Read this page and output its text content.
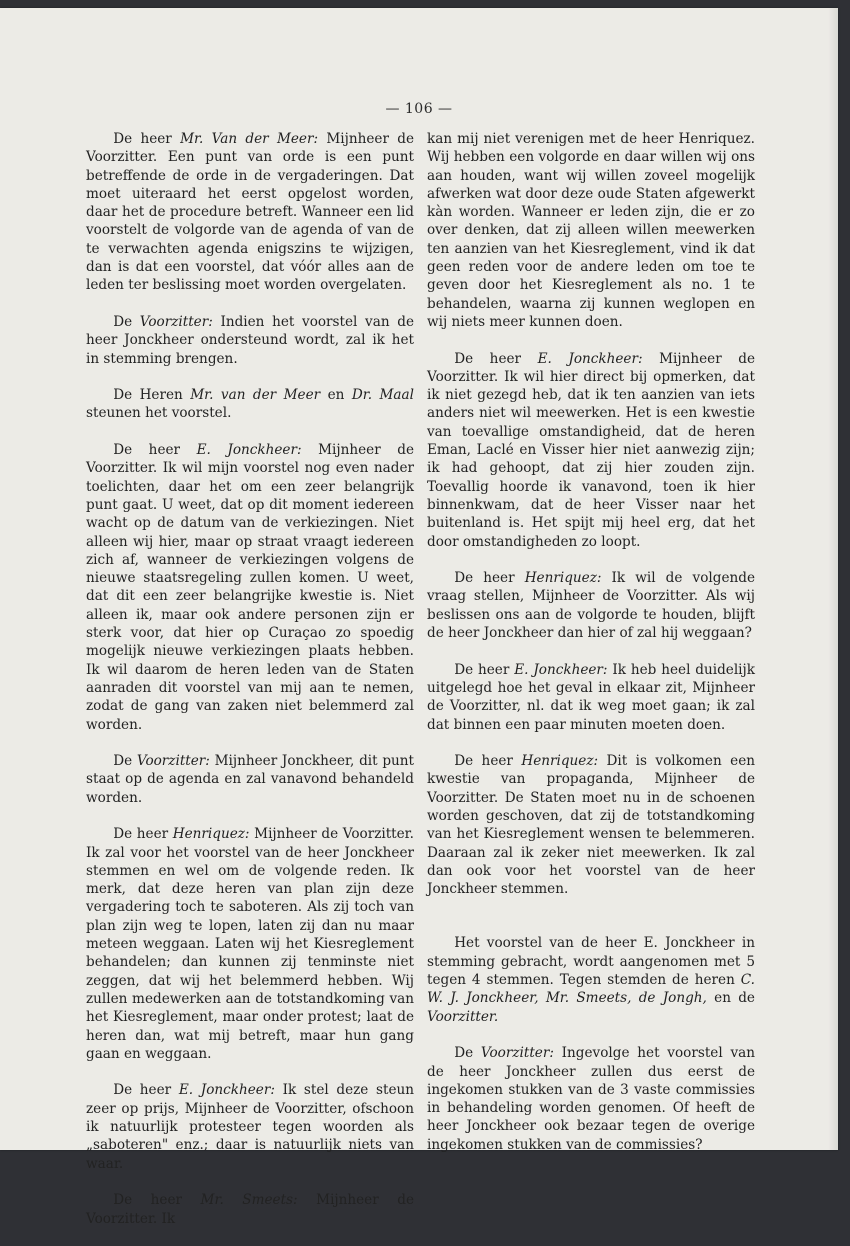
— 106 —

De heer Mr. Van der Meer: Mijnheer de Voorzitter. Een punt van orde is een punt betreffende de orde in de vergaderingen. Dat moet uiteraard het eerst opgelost worden, daar het de procedure betreft. Wanneer een lid voorstelt de volgorde van de agenda of van de te verwachten agenda enigszins te wijzigen, dan is dat een voorstel, dat vóór alles aan de leden ter beslissing moet worden overgelaten.

De Voorzitter: Indien het voorstel van de heer Jonckheer ondersteund wordt, zal ik het in stemming brengen.

De Heren Mr. van der Meer en Dr. Maal steunen het voorstel.

De heer E. Jonckheer: Mijnheer de Voorzitter. Ik wil mijn voorstel nog even nader toelichten, daar het om een zeer belangrijk punt gaat. U weet, dat op dit moment iedereen wacht op de datum van de verkiezingen. Niet alleen wij hier, maar op straat vraagt iedereen zich af, wanneer de verkiezingen volgens de nieuwe staatsregeling zullen komen. U weet, dat dit een zeer belangrijke kwestie is. Niet alleen ik, maar ook andere personen zijn er sterk voor, dat hier op Curaçao zo spoedig mogelijk nieuwe verkiezingen plaats hebben. Ik wil daarom de heren leden van de Staten aanraden dit voorstel van mij aan te nemen, zodat de gang van zaken niet belemmerd zal worden.

De Voorzitter: Mijnheer Jonckheer, dit punt staat op de agenda en zal vanavond behandeld worden.

De heer Henriquez: Mijnheer de Voorzitter. Ik zal voor het voorstel van de heer Jonckheer stemmen en wel om de volgende reden. Ik merk, dat deze heren van plan zijn deze vergadering toch te saboteren. Als zij toch van plan zijn weg te lopen, laten zij dan nu maar meteen weggaan. Laten wij het Kiesreglement behandelen; dan kunnen zij tenminste niet zeggen, dat wij het belemmerd hebben. Wij zullen medewerken aan de totstandkoming van het Kiesreglement, maar onder protest; laat de heren dan, wat mij betreft, maar hun gang gaan en weggaan.

De heer E. Jonckheer: Ik stel deze steun zeer op prijs, Mijnheer de Voorzitter, ofschoon ik natuurlijk protesteer tegen woorden als „saboteren" enz.; daar is natuurlijk niets van waar.

De heer Mr. Smeets: Mijnheer de Voorzitter. Ik

kan mij niet verenigen met de heer Henriquez. Wij hebben een volgorde en daar willen wij ons aan houden, want wij willen zoveel mogelijk afwerken wat door deze oude Staten afgewerkt kàn worden. Wanneer er leden zijn, die er zo over denken, dat zij alleen willen meewerken ten aanzien van het Kiesreglement, vind ik dat geen reden voor de andere leden om toe te geven door het Kiesreglement als no. 1 te behandelen, waarna zij kunnen weglopen en wij niets meer kunnen doen.

De heer E. Jonckheer: Mijnheer de Voorzitter. Ik wil hier direct bij opmerken, dat ik niet gezegd heb, dat ik ten aanzien van iets anders niet wil meewerken. Het is een kwestie van toevallige omstandigheid, dat de heren Eman, Laclé en Visser hier niet aanwezig zijn; ik had gehoopt, dat zij hier zouden zijn. Toevallig hoorde ik vanavond, toen ik hier binnenkwam, dat de heer Visser naar het buitenland is. Het spijt mij heel erg, dat het door omstandigheden zo loopt.

De heer Henriquez: Ik wil de volgende vraag stellen, Mijnheer de Voorzitter. Als wij beslissen ons aan de volgorde te houden, blijft de heer Jonckheer dan hier of zal hij weggaan?

De heer E. Jonckheer: Ik heb heel duidelijk uitgelegd hoe het geval in elkaar zit, Mijnheer de Voorzitter, nl. dat ik weg moet gaan; ik zal dat binnen een paar minuten moeten doen.

De heer Henriquez: Dit is volkomen een kwestie van propaganda, Mijnheer de Voorzitter. De Staten moet nu in de schoenen worden geschoven, dat zij de totstandkoming van het Kiesreglement wensen te belemmeren. Daaraan zal ik zeker niet meewerken. Ik zal dan ook voor het voorstel van de heer Jonckheer stemmen.

Het voorstel van de heer E. Jonckheer in stemming gebracht, wordt aangenomen met 5 tegen 4 stemmen. Tegen stemden de heren C. W. J. Jonckheer, Mr. Smeets, de Jongh, en de Voorzitter.

De Voorzitter: Ingevolge het voorstel van de heer Jonckheer zullen dus eerst de ingekomen stukken van de 3 vaste commissies in behandeling worden genomen. Of heeft de heer Jonckheer ook bezaar tegen de overige ingekomen stukken van de commissies?
